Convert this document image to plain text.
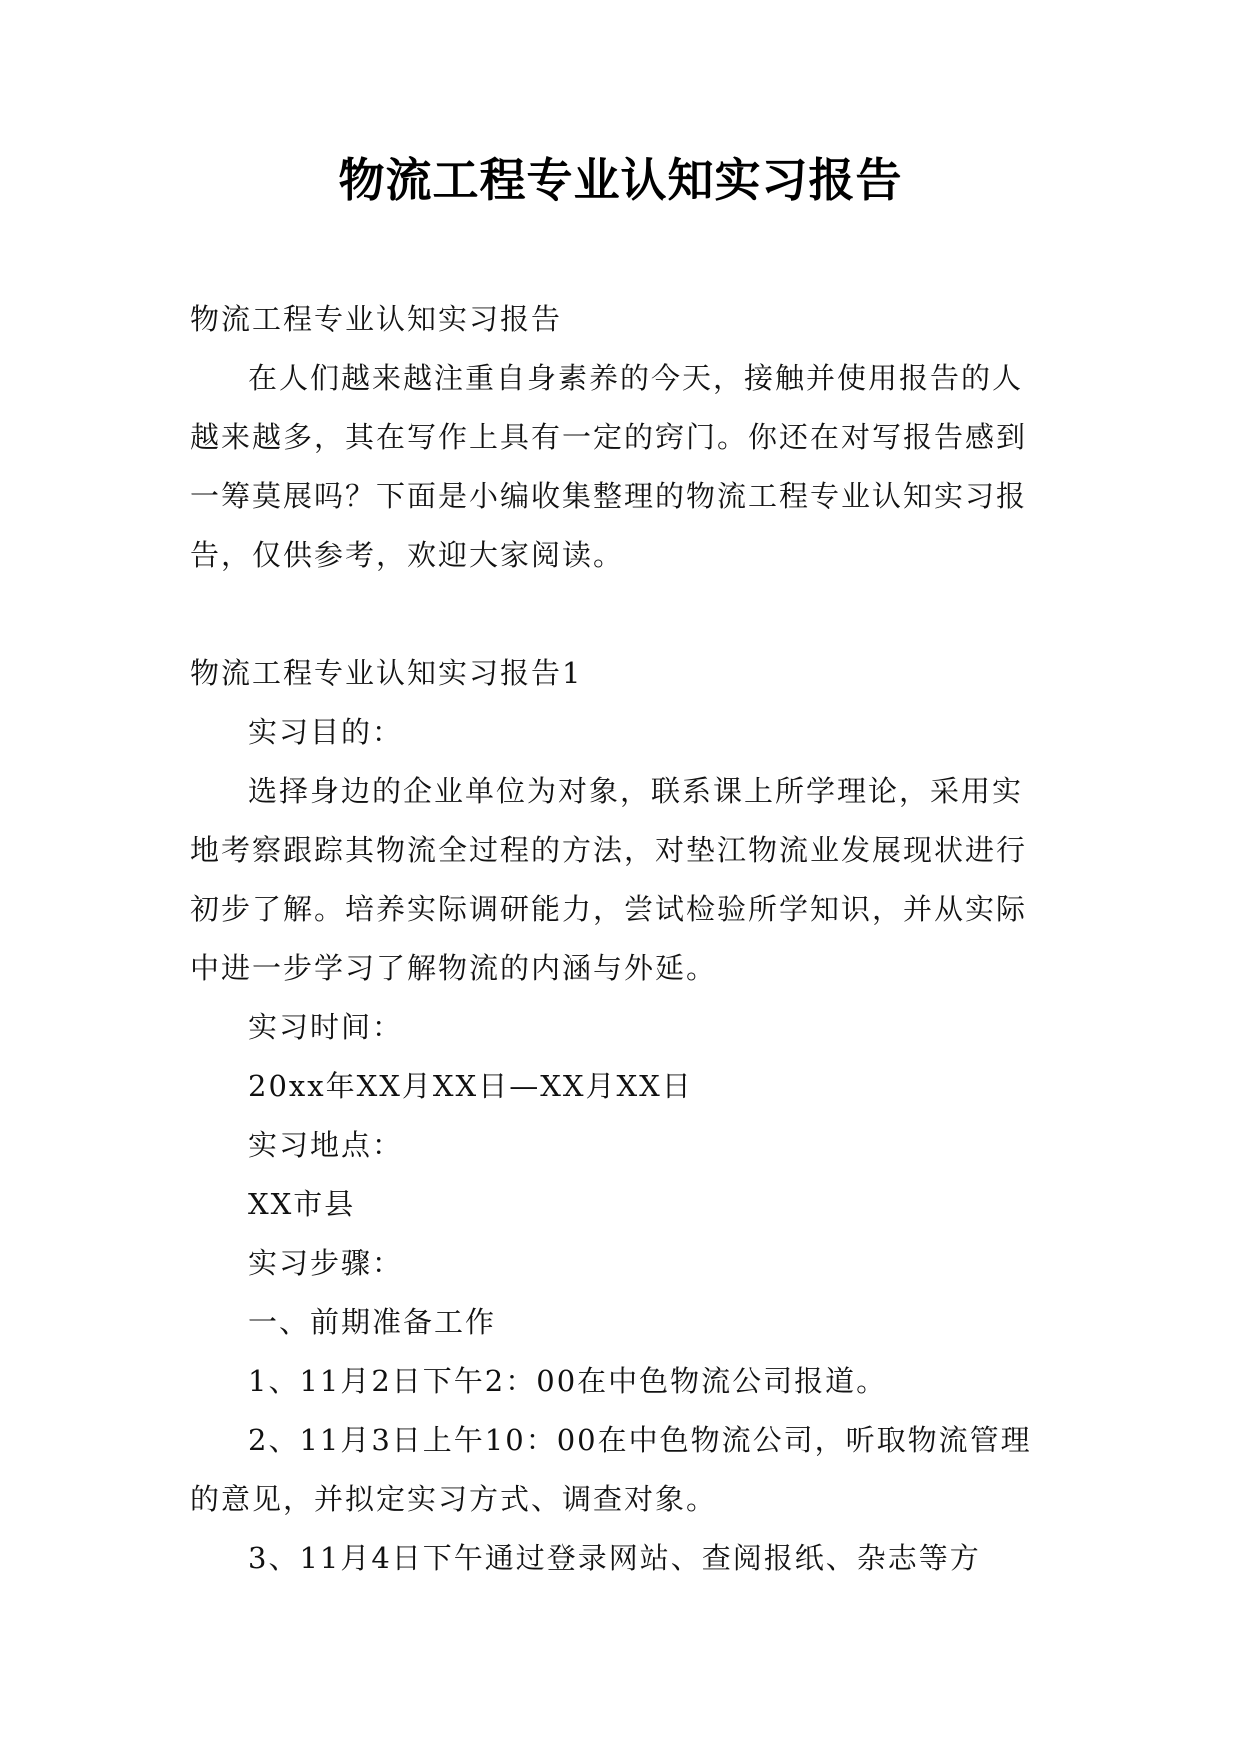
物流工程专业认知实习报告

物流工程专业认知实习报告

在人们越来越注重自身素养的今天，接触并使用报告的人越来越多，其在写作上具有一定的窍门。你还在对写报告感到一筹莫展吗？下面是小编收集整理的物流工程专业认知实习报告，仅供参考，欢迎大家阅读。

物流工程专业认知实习报告1

实习目的：

选择身边的企业单位为对象，联系课上所学理论，采用实地考察跟踪其物流全过程的方法，对垫江物流业发展现状进行初步了解。培养实际调研能力，尝试检验所学知识，并从实际中进一步学习了解物流的内涵与外延。

实习时间：

20xx年XX月XX日—XX月XX日

实习地点：

XX市县

实习步骤：

一、前期准备工作

1、11月2日下午2：00在中色物流公司报道。

2、11月3日上午10：00在中色物流公司，听取物流管理的意见，并拟定实习方式、调查对象。

3、11月4日下午通过登录网站、查阅报纸、杂志等方
